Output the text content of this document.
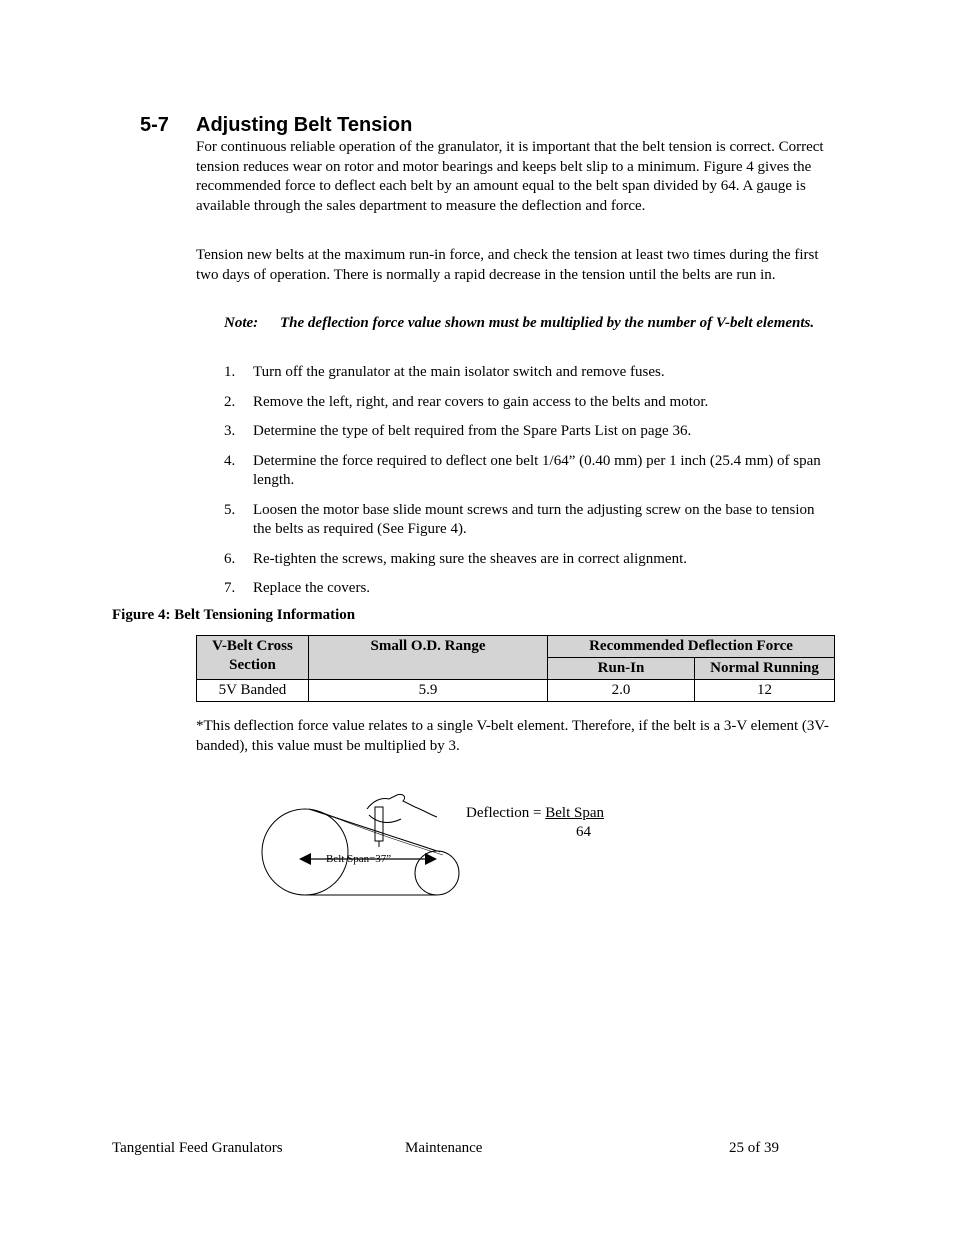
5-7 Adjusting Belt Tension

For continuous reliable operation of the granulator, it is important that the belt tension is correct. Correct tension reduces wear on rotor and motor bearings and keeps belt slip to a minimum. Figure 4 gives the recommended force to deflect each belt by an amount equal to the belt span divided by 64. A gauge is available through the sales department to measure the deflection and force.

Tension new belts at the maximum run-in force, and check the tension at least two times during the first two days of operation. There is normally a rapid decrease in the tension until the belts are run in.

Note:	The deflection force value shown must be multiplied by the number of V-belt elements.
1.	Turn off the granulator at the main isolator switch and remove fuses.
2.	Remove the left, right, and rear covers to gain access to the belts and motor.
3.	Determine the type of belt required from the Spare Parts List on page 36.
4.	Determine the force required to deflect one belt 1/64” (0.40 mm) per 1 inch (25.4 mm) of span length.
5.	Loosen the motor base slide mount screws and turn the adjusting screw on the base to tension the belts as required (See Figure 4).
6.	Re-tighten the screws, making sure the sheaves are in correct alignment.
7.	Replace the covers.

Figure 4: Belt Tensioning Information

V-Belt Cross Section	Small O.D. Range	Recommended Deflection Force	
		Run-In	Normal Running
5V Banded	5.9	2.0	12

*This deflection force value relates to a single V-belt element. Therefore, if the belt is a 3-V element (3V-banded), this value must be multiplied by 3.

Belt Span=37”
Deflection = Belt Span
64

Tangential Feed Granulators	Maintenance	25 of 39
